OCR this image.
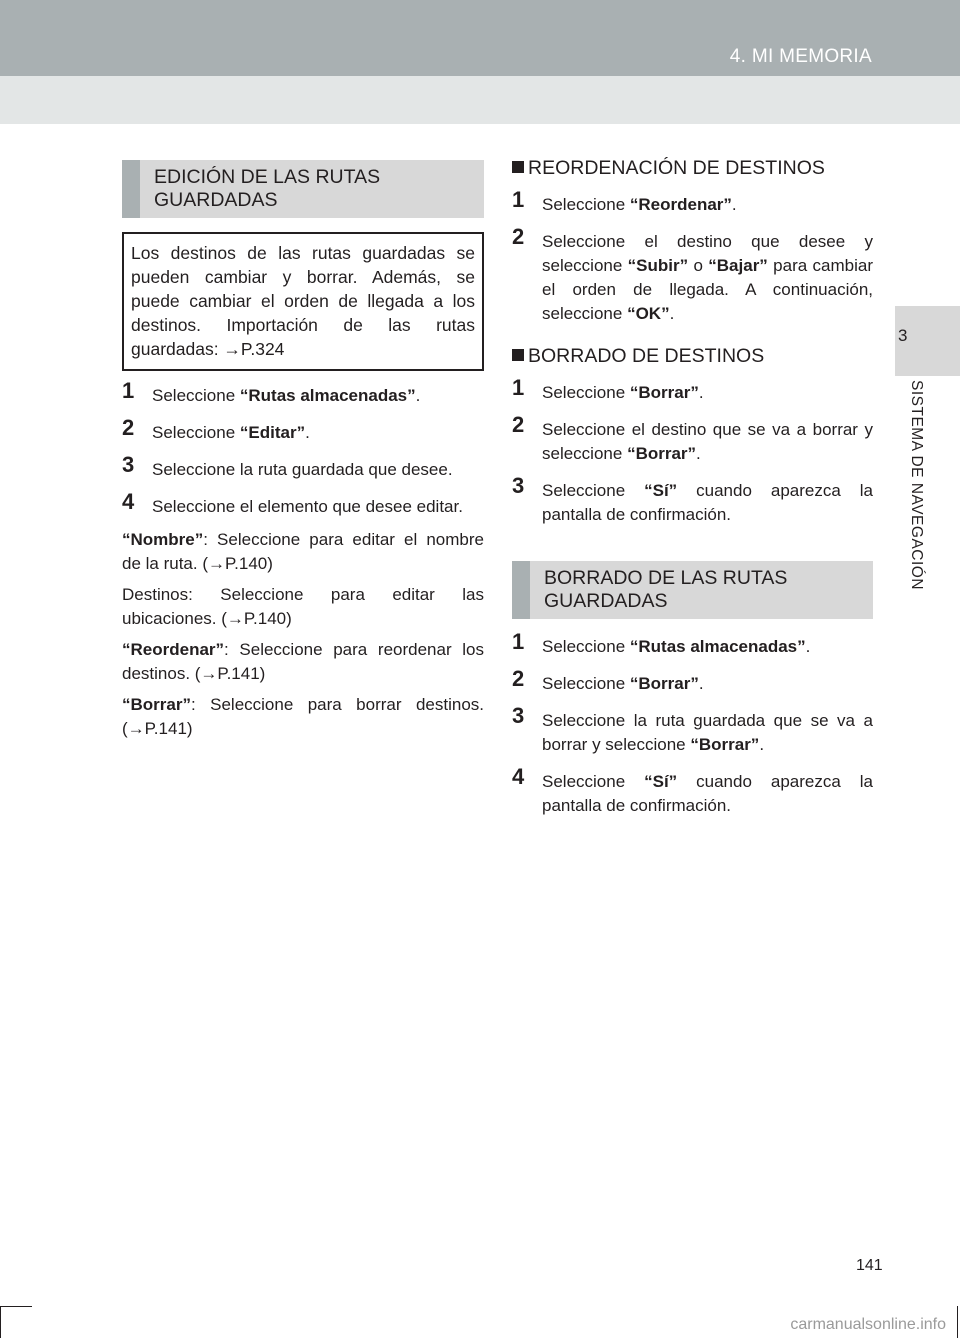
4. MI MEMORIA
3
SISTEMA DE NAVEGACIÓN
EDICIÓN DE LAS RUTAS
GUARDADAS
Los destinos de las rutas guardadas se pueden cambiar y borrar. Además, se puede cambiar el orden de llegada a los destinos. Importación de las rutas guardadas: →P.324
1 Seleccione “Rutas almacenadas”.
2 Seleccione “Editar”.
3 Seleccione la ruta guardada que desee.
4 Seleccione el elemento que desee editar.
“Nombre”: Seleccione para editar el nombre de la ruta. (→P.140)
Destinos: Seleccione para editar las ubicaciones. (→P.140)
“Reordenar”: Seleccione para reordenar los destinos. (→P.141)
“Borrar”: Seleccione para borrar destinos. (→P.141)
REORDENACIÓN DE DESTINOS
1 Seleccione “Reordenar”.
2 Seleccione el destino que desee y seleccione “Subir” o “Bajar” para cambiar el orden de llegada. A continuación, seleccione “OK”.
BORRADO DE DESTINOS
1 Seleccione “Borrar”.
2 Seleccione el destino que se va a borrar y seleccione “Borrar”.
3 Seleccione “Sí” cuando aparezca la pantalla de confirmación.
BORRADO DE LAS RUTAS
GUARDADAS
1 Seleccione “Rutas almacenadas”.
2 Seleccione “Borrar”.
3 Seleccione la ruta guardada que se va a borrar y seleccione “Borrar”.
4 Seleccione “Sí” cuando aparezca la pantalla de confirmación.
141
carmanualsonline.info
